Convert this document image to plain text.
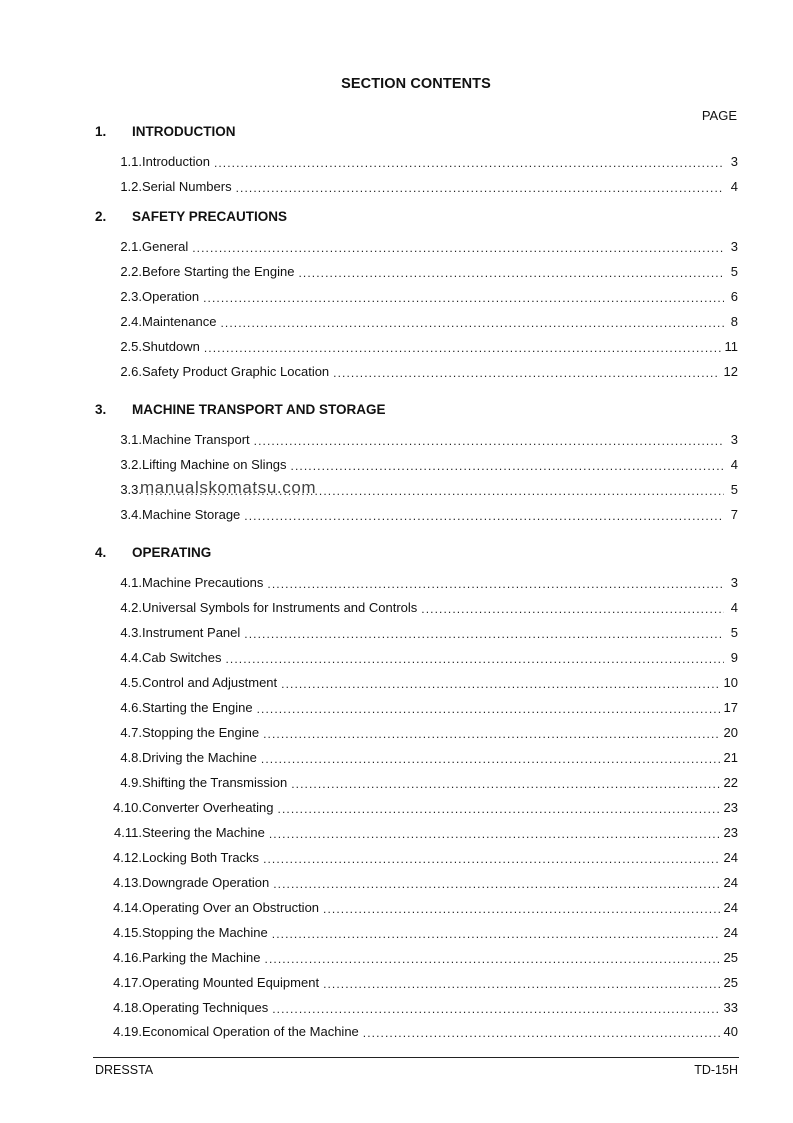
SECTION CONTENTS
PAGE
1. INTRODUCTION
1.1. Introduction .....	3
1.2. Serial Numbers .....	4
2. SAFETY PRECAUTIONS
2.1. General .....	3
2.2. Before Starting the Engine .....	5
2.3. Operation .....	6
2.4. Maintenance .....	8
2.5. Shutdown .....	11
2.6. Safety Product Graphic Location .....	12
3. MACHINE TRANSPORT AND STORAGE
3.1. Machine Transport .....	3
3.2. Lifting Machine on Slings .....	4
3.3. .....	5
3.4. Machine Storage .....	7
4. OPERATING
4.1. Machine Precautions .....	3
4.2. Universal Symbols for Instruments and Controls .....	4
4.3. Instrument Panel .....	5
4.4. Cab Switches .....	9
4.5. Control and Adjustment .....	10
4.6. Starting the Engine .....	17
4.7. Stopping the Engine .....	20
4.8. Driving the Machine .....	21
4.9. Shifting the Transmission .....	22
4.10. Converter Overheating .....	23
4.11. Steering the Machine .....	23
4.12. Locking Both Tracks .....	24
4.13. Downgrade Operation .....	24
4.14. Operating Over an Obstruction .....	24
4.15. Stopping the Machine .....	24
4.16. Parking the Machine .....	25
4.17. Operating Mounted Equipment .....	25
4.18. Operating Techniques .....	33
4.19. Economical Operation of the Machine .....	40
manualskomatsu.com
DRESSTA	TD-15H
